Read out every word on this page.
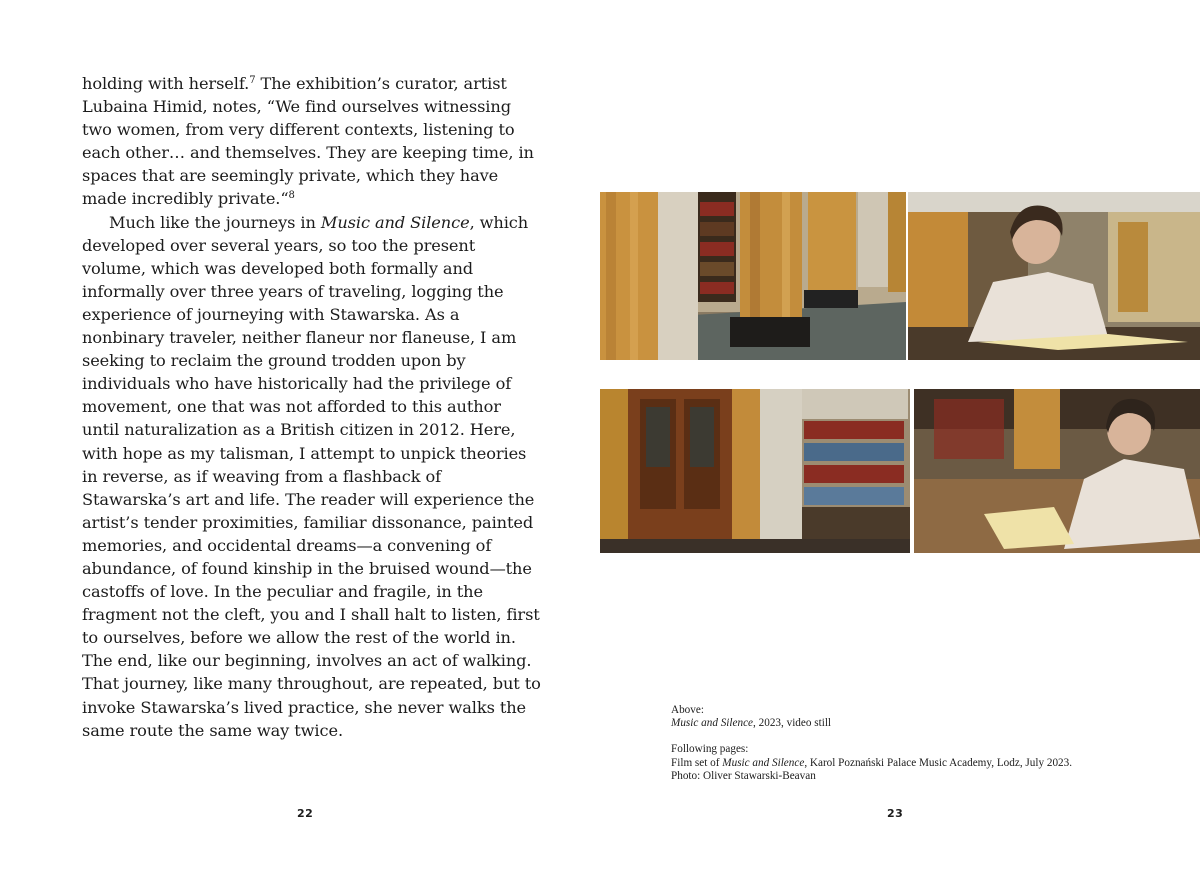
holding with herself.$^7$ The exhibition’s curator, artist Lubaina Himid, notes, “We find ourselves witnessing two women, from very different contexts, listening to each other… and themselves. They are keeping time, in spaces that are seemingly private, which they have made incredibly private.“$^8$

Much like the journeys in Music and Silence, which developed over several years, so too the present volume, which was developed both formally and informally over three years of traveling, logging the experience of journeying with Stawarska. As a nonbinary traveler, neither flaneur nor flaneuse, I am seeking to reclaim the ground trodden upon by individuals who have historically had the privilege of movement, one that was not afforded to this author until naturalization as a British citizen in 2012. Here, with hope as my talisman, I attempt to unpick theories in reverse, as if weaving from a flashback of Stawarska’s art and life. The reader will experience the artist’s tender proximities, familiar dissonance, painted memories, and occidental dreams—a convening of abundance, of found kinship in the bruised wound—the castoffs of love. In the peculiar and fragile, in the fragment not the cleft, you and I shall halt to listen, first to ourselves, before we allow the rest of the world in. The end, like our beginning, involves an act of walking. That journey, like many throughout, are repeated, but to invoke Stawarska’s lived practice, she never walks the same route the same way twice.

22

Above:

Music and Silence, 2023, video still

Following pages:

Film set of Music and Silence, Karol Poznański Palace Music Academy, Lodz, July 2023.

Photo: Oliver Stawarski-Beavan

23
